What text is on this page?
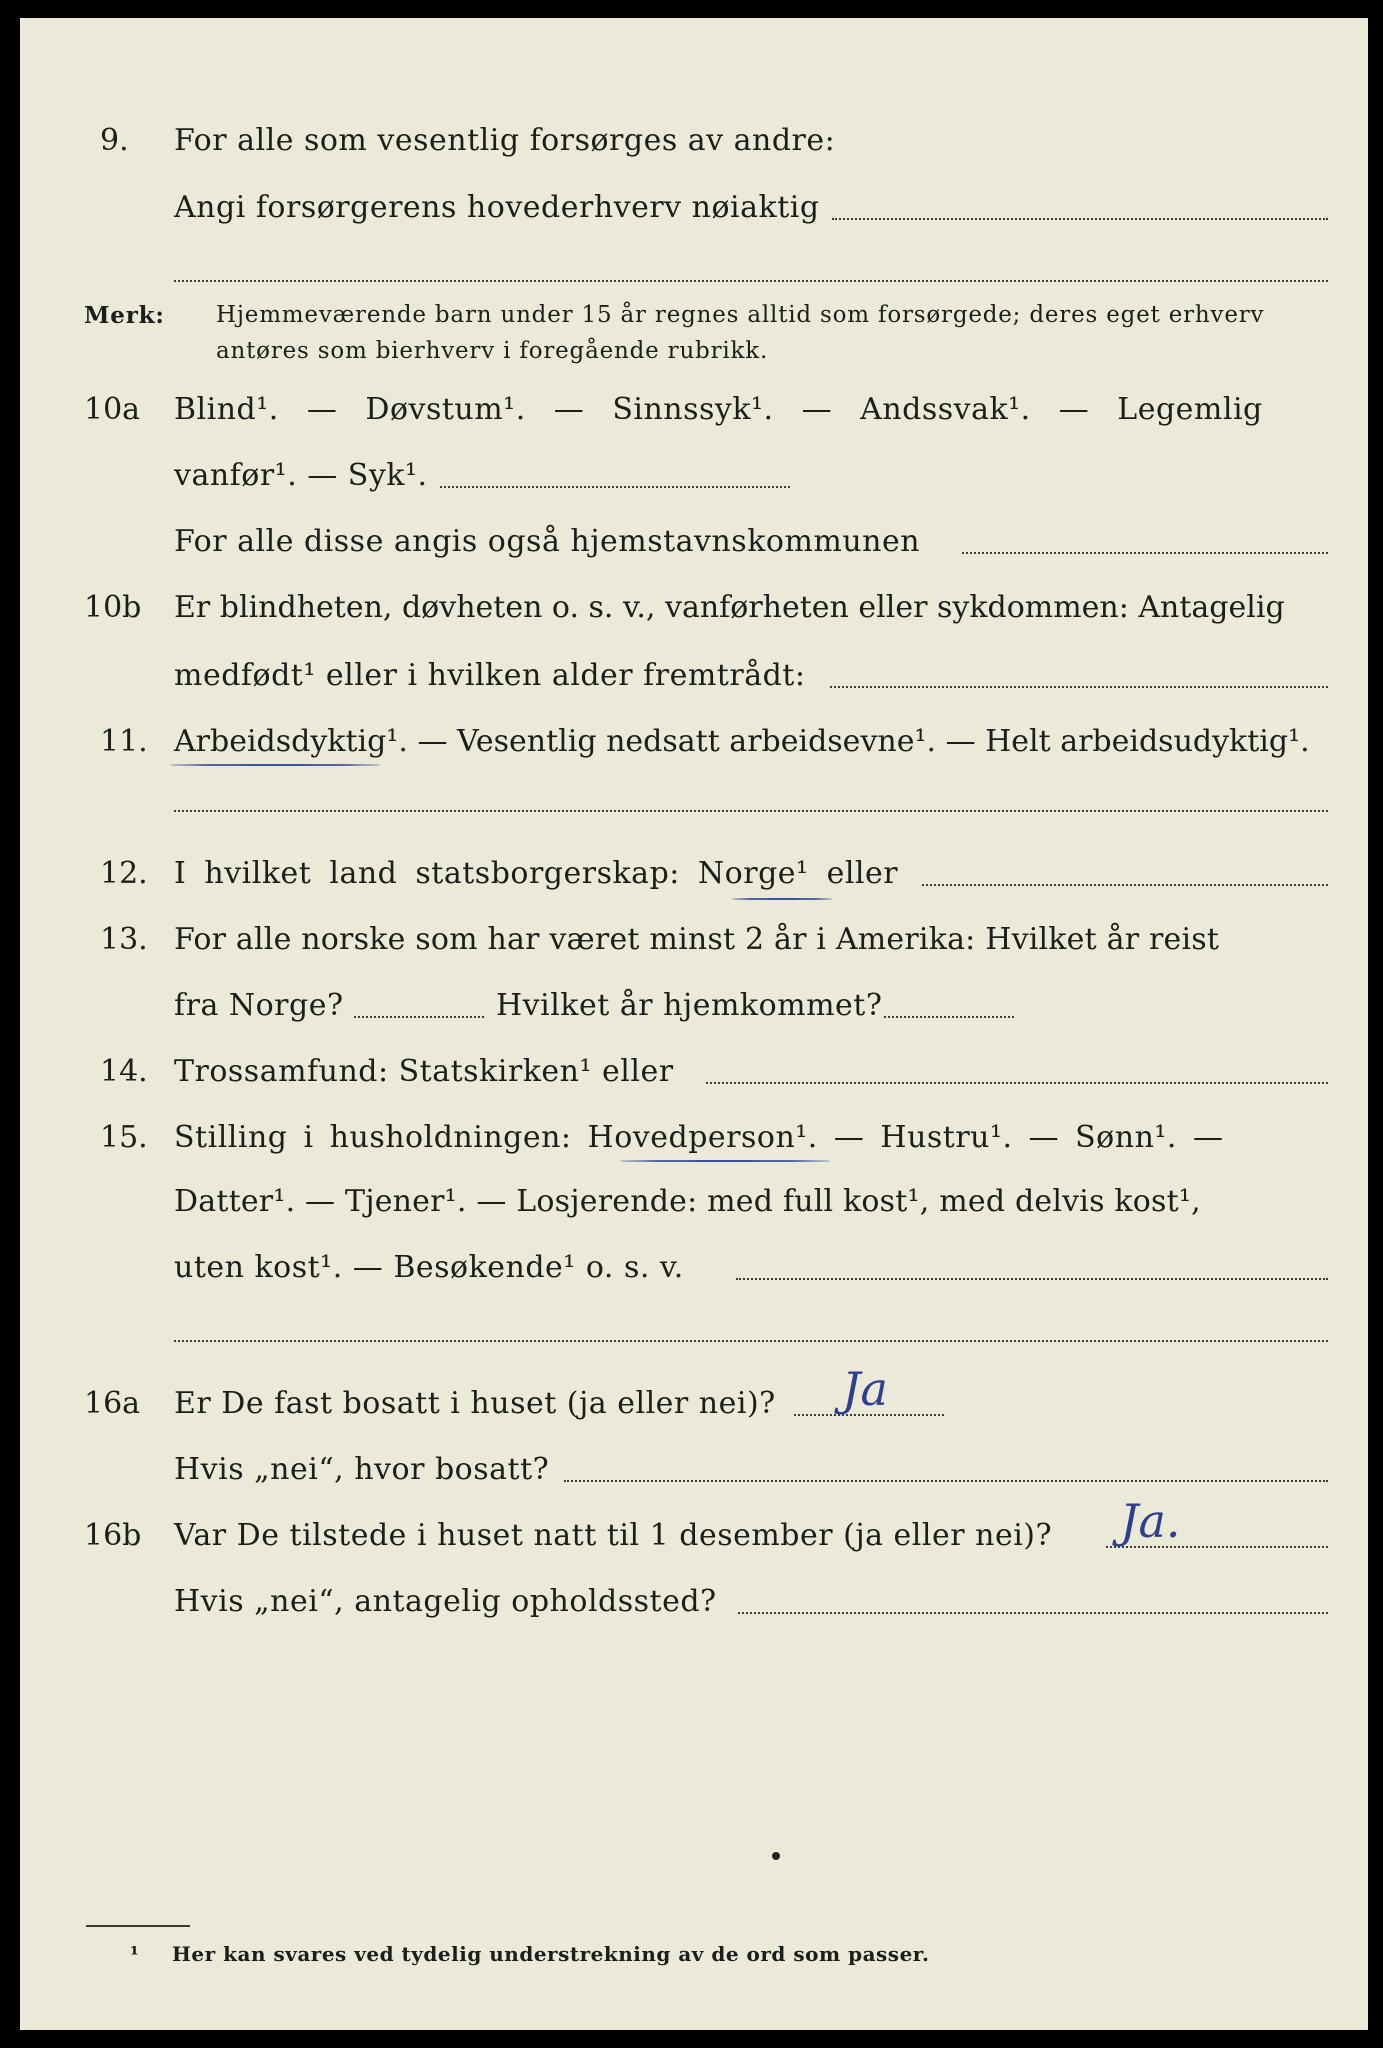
9. For alle som vesentlig forsørges av andre:
Angi forsørgerens hovederhverv nøiaktig
Merk: Hjemmeværende barn under 15 år regnes alltid som forsørgede; deres eget erhverv
antøres som bierhverv i foregående rubrikk.
10a Blind¹. — Døvstum¹. — Sinnssyk¹. — Andssvak¹. — Legemlig
vanfør¹. — Syk¹.
For alle disse angis også hjemstavnskommunen
10b Er blindheten, døvheten o. s. v., vanførheten eller sykdommen: Antagelig
medfødt¹ eller i hvilken alder fremtrådt:
11. Arbeidsdyktig¹. — Vesentlig nedsatt arbeidsevne¹. — Helt arbeidsudyktig¹.
12. I hvilket land statsborgerskap: Norge¹ eller
13. For alle norske som har været minst 2 år i Amerika: Hvilket år reist
fra Norge?	Hvilket år hjemkommet?
14. Trossamfund: Statskirken¹ eller
15. Stilling i husholdningen: Hovedperson¹. — Hustru¹. — Sønn¹. —
Datter¹. — Tjener¹. — Losjerende: med full kost¹, med delvis kost¹,
uten kost¹. — Besøkende¹ o. s. v.
16a Er De fast bosatt i huset (ja eller nei)? Ja
Hvis „nei“, hvor bosatt?
16b Var De tilstede i huset natt til 1 desember (ja eller nei)? Ja.
Hvis „nei“, antagelig opholdssted?
¹ Her kan svares ved tydelig understrekning av de ord som passer.
